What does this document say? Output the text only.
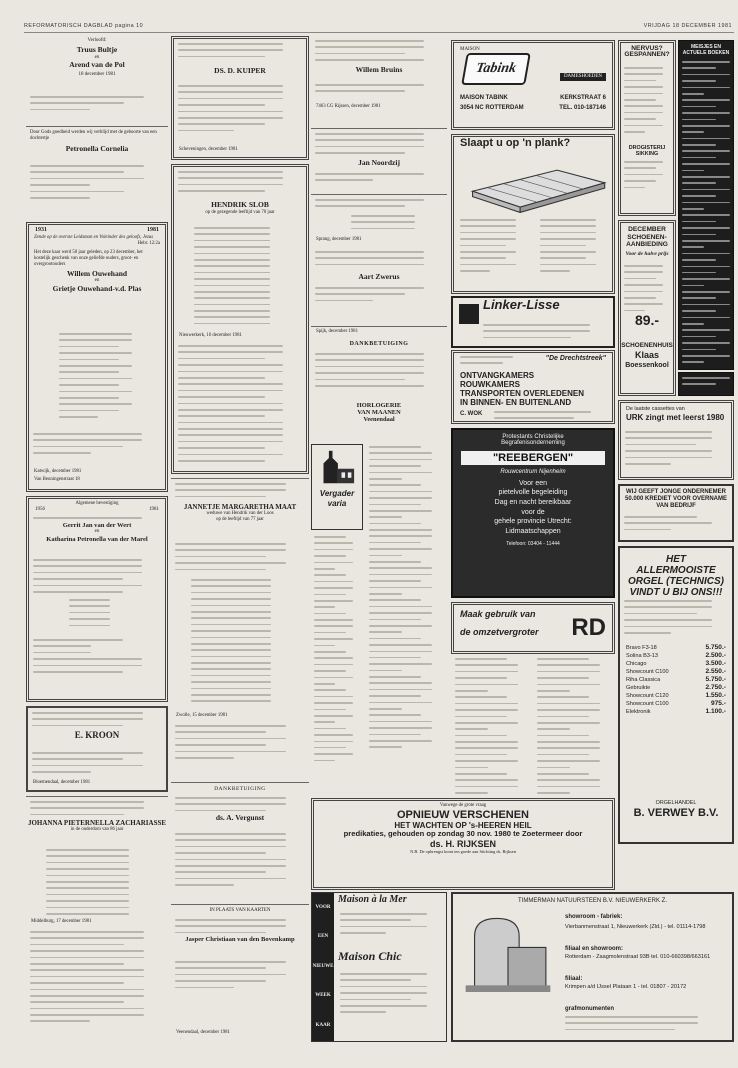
REFORMATORISCH DAGBLAD pagina 10	VRIJDAG 18 DECEMBER 1981
Verloofd:
Truus Bultje
en
Arend van de Pol
18 december 1981
Door Gods goedheid werden wij verblijd met de geboorte van een dochtertje
Petronella Cornelia
1931	1981
Zende op de overste Leidsman en Voleinder des geloofs, Jezus
Hebr. 12:2a
Het deze kaar werd 50 jaar geleden, op 23 december, het kostelijk geschenk van onze geliefde ouders, groot- en overgrootouders
Willem Ouwehand
en
Grietje Ouwehand-v.d. Plas
Katwijk, december 1981
Van Beuningenstraat 18
Algemene bevestiging
1956	1981
Gerrit Jan van der Wert
en
Katharina Petronella van der Marel
E. KROON
Bloemendaal, december 1981
JOHANNA PIETERNELLA ZACHARIASSE
in de ouderdom van 86 jaar
Middelburg, 17 december 1981
DS. D. KUIPER
Scheveningen, december 1981
HENDRIK SLOB
op de gezegende leeftijd van 70 jaar
Nieuwerkerk, 16 december 1981
JANNETJE MARGARETHA MAAT
weduwe van Hendrik van der Loos
op de leeftijd van 77 jaar
Zwolle, 15 december 1981
DANKBETUIGING
ds. A. Vergunst
IN PLAATS VAN KAARTEN
Jasper Christiaan van den Bovenkamp
Veenendaal, december 1981
Willem Bruins
7463 CG Rijssen, december 1981
Jan Noordzij
Sprang, december 1981
Aart Zwerus
Spijk, december 1981
DANKBETUIGING
HORLOGERIE
VAN MAANEN
Veenendaal
Vergader
varia
Vanwege de grote vraag
OPNIEUW VERSCHENEN
HET WACHTEN OP 's-HEEREN HEIL
predikaties, gehouden op zondag 30 nov. 1980 te Zoetermeer door
ds. H. RIJKSEN
N.B. De opbrengst komt ten goede aan Stichting ds. Rijksen
VOOR
EEN
NIEUWE
WEEK
KAAR
Maison à la Mer
Maison Chic
MAISON
Tabink
DAMESHOEDEN
MAISON TABINK	KERKSTRAAT 6
3054 NC ROTTERDAM	TEL. 010-187146
Slaapt u op 'n plank?
Linker-Lisse
"De Drechtstreek"
ONTVANGKAMERS
ROUWKAMERS
TRANSPORTEN OVERLEDENEN
IN BINNEN- EN BUITENLAND
C. WOK
Protestants Christelijke
Begrafenisonderneming
"REEBERGEN"
Rouwcentrum Nijenheim
Voor een
pietelvolle begeleiding
Dag en nacht bereikbaar
voor de
gehele provincie Utrecht:
Lidmaatschappen
Telefoon: 03404 - 11444
Maak gebruik van
de omzetvergroter RD
TIMMERMAN NATUURSTEEN B.V. NIEUWERKERK Z.
showroom - fabriek:
Vierbanmenstraat 1, Nieuwerkerk (Zld.) - tel. 01114-1798
filiaal en showroom:
Rotterdam - Zaagmolenstraat 93B tel. 010-660398/663161
filiaal:
Krimpen a/d IJssel Plataan 1 - tel. 01807 - 20172
grafmonumenten
NERVUS?
GESPANNEN?
DROGISTERIJ SIKKING
MEISJES EN ACTUELE BOEKEN
DECEMBER
SCHOENEN-
AANBIEDING
Voor de halve prijs
89.-
SCHOENENHUIS
Klaas
Boessenkool
De laatste cassettes van
URK zingt met leerst 1980
WIJ GEEFT JONGE ONDERNEMER
50.000 KREDIET VOOR OVERNAME VAN BEDRIJF
HET
ALLERMOOISTE
ORGEL (TECHNICS)
VINDT U BIJ ONS!!!
Bravo F3-18	5.750.-
Solina B3-13	2.500.-
Chicago	3.500.-
Showcount C100	2.550.-
Riha Classica	5.750.-
Gebruikte	2.750.-
Showcount C120	1.550.-
Showcount C100	975.-
Elektronik	1.100.-
ORGELHANDEL
B. VERWEY B.V.
·
